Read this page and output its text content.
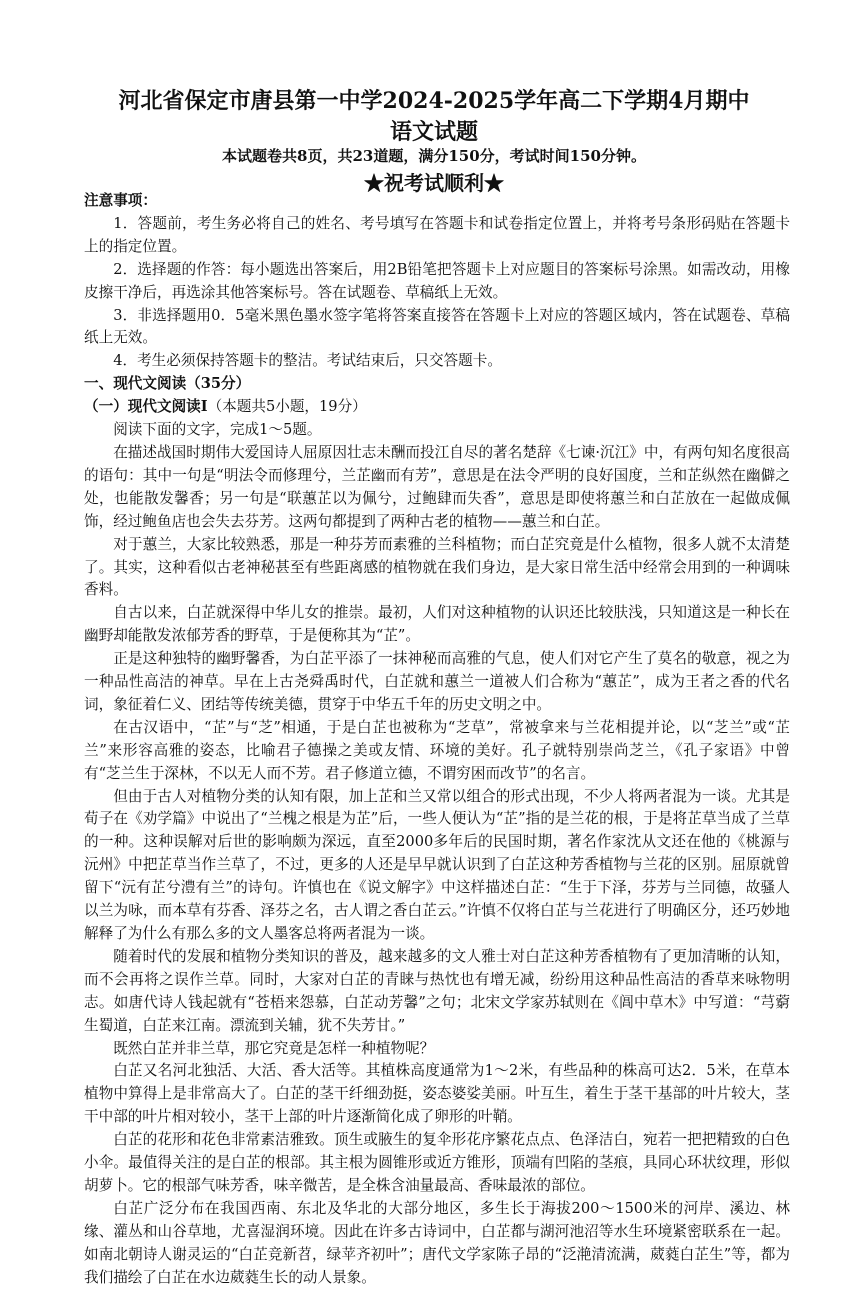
河北省保定市唐县第一中学2024-2025学年高二下学期4月期中
语文试题
本试题卷共8页，共23道题，满分150分，考试时间150分钟。
★祝考试顺利★

注意事项：

1．答题前，考生务必将自己的姓名、考号填写在答题卡和试卷指定位置上，并将考号条形码贴在答题卡上的指定位置。

2．选择题的作答：每小题选出答案后，用2B铅笔把答题卡上对应题目的答案标号涂黑。如需改动，用橡皮擦干净后，再选涂其他答案标号。答在试题卷、草稿纸上无效。

3．非选择题用0．5毫米黑色墨水签字笔将答案直接答在答题卡上对应的答题区域内，答在试题卷、草稿纸上无效。

4．考生必须保持答题卡的整洁。考试结束后，只交答题卡。

一、现代文阅读（35分）

（一）现代文阅读Ⅰ（本题共5小题，19分）

阅读下面的文字，完成1～5题。

在描述战国时期伟大爱国诗人屈原因壮志未酬而投江自尽的著名楚辞《七谏·沉江》中，有两句知名度很高的语句：其中一句是“明法令而修理兮，兰芷幽而有芳”，意思是在法令严明的良好国度，兰和芷纵然在幽僻之处，也能散发馨香；另一句是“联蕙芷以为佩兮，过鲍肆而失香”，意思是即使将蕙兰和白芷放在一起做成佩饰，经过鲍鱼店也会失去芬芳。这两句都提到了两种古老的植物——蕙兰和白芷。

对于蕙兰，大家比较熟悉，那是一种芬芳而素雅的兰科植物；而白芷究竟是什么植物，很多人就不太清楚了。其实，这种看似古老神秘甚至有些距离感的植物就在我们身边，是大家日常生活中经常会用到的一种调味香料。

自古以来，白芷就深得中华儿女的推崇。最初，人们对这种植物的认识还比较肤浅，只知道这是一种长在幽野却能散发浓郁芳香的野草，于是便称其为“芷”。

正是这种独特的幽野馨香，为白芷平添了一抹神秘而高雅的气息，使人们对它产生了莫名的敬意，视之为一种品性高洁的神草。早在上古尧舜禹时代，白芷就和蕙兰一道被人们合称为“蕙芷”，成为王者之香的代名词，象征着仁义、团结等传统美德，贯穿于中华五千年的历史文明之中。

在古汉语中，“芷”与“芝”相通，于是白芷也被称为“芝草”，常被拿来与兰花相提并论，以“芝兰”或“芷兰”来形容高雅的姿态，比喻君子德操之美或友情、环境的美好。孔子就特别崇尚芝兰，《孔子家语》中曾有“芝兰生于深林，不以无人而不芳。君子修道立德，不谓穷困而改节”的名言。

但由于古人对植物分类的认知有限，加上芷和兰又常以组合的形式出现，不少人将两者混为一谈。尤其是荀子在《劝学篇》中说出了“兰槐之根是为芷”后，一些人便认为“芷”指的是兰花的根，于是将芷草当成了兰草的一种。这种误解对后世的影响颇为深远，直至2000多年后的民国时期，著名作家沈从文还在他的《桃源与沅州》中把芷草当作兰草了，不过，更多的人还是早早就认识到了白芷这种芳香植物与兰花的区别。屈原就曾留下“沅有芷兮澧有兰”的诗句。许慎也在《说文解字》中这样描述白芷：“生于下泽，芬芳与兰同德，故骚人以兰为咏，而本草有芬香、泽芬之名，古人谓之香白芷云。”许慎不仅将白芷与兰花进行了明确区分，还巧妙地解释了为什么有那么多的文人墨客总将两者混为一谈。

随着时代的发展和植物分类知识的普及，越来越多的文人雅士对白芷这种芳香植物有了更加清晰的认知，而不会再将之误作兰草。同时，大家对白芷的青睐与热忱也有增无减，纷纷用这种品性高洁的香草来咏物明志。如唐代诗人钱起就有“苍梧来怨慕，白芷动芳馨”之句；北宋文学家苏轼则在《阊中草木》中写道：“芎藭生蜀道，白芷来江南。漂流到关辅，犹不失芳甘。”

既然白芷并非兰草，那它究竟是怎样一种植物呢？

白芷又名河北独活、大活、香大活等。其植株高度通常为1～2米，有些品种的株高可达2．5米，在草本植物中算得上是非常高大了。白芷的茎干纤细劲挺，姿态婆娑美丽。叶互生，着生于茎干基部的叶片较大，茎干中部的叶片相对较小，茎干上部的叶片逐渐简化成了卵形的叶鞘。

白芷的花形和花色非常素洁雅致。顶生或腋生的复伞形花序繁花点点、色泽洁白，宛若一把把精致的白色小伞。最值得关注的是白芷的根部。其主根为圆锥形或近方锥形，顶端有凹陷的茎痕，具同心环状纹理，形似胡萝卜。它的根部气味芳香，味辛微苦，是全株含油量最高、香味最浓的部位。

白芷广泛分布在我国西南、东北及华北的大部分地区，多生长于海拔200～1500米的河岸、溪边、林缘、灌丛和山谷草地，尤喜湿润环境。因此在许多古诗词中，白芷都与湖河池沼等水生环境紧密联系在一起。如南北朝诗人谢灵运的“白芷竞新苕，绿苹齐初叶”；唐代文学家陈子昂的“泛滟清流满，葳蕤白芷生”等，都为我们描绘了白芷在水边葳蕤生长的动人景象。
